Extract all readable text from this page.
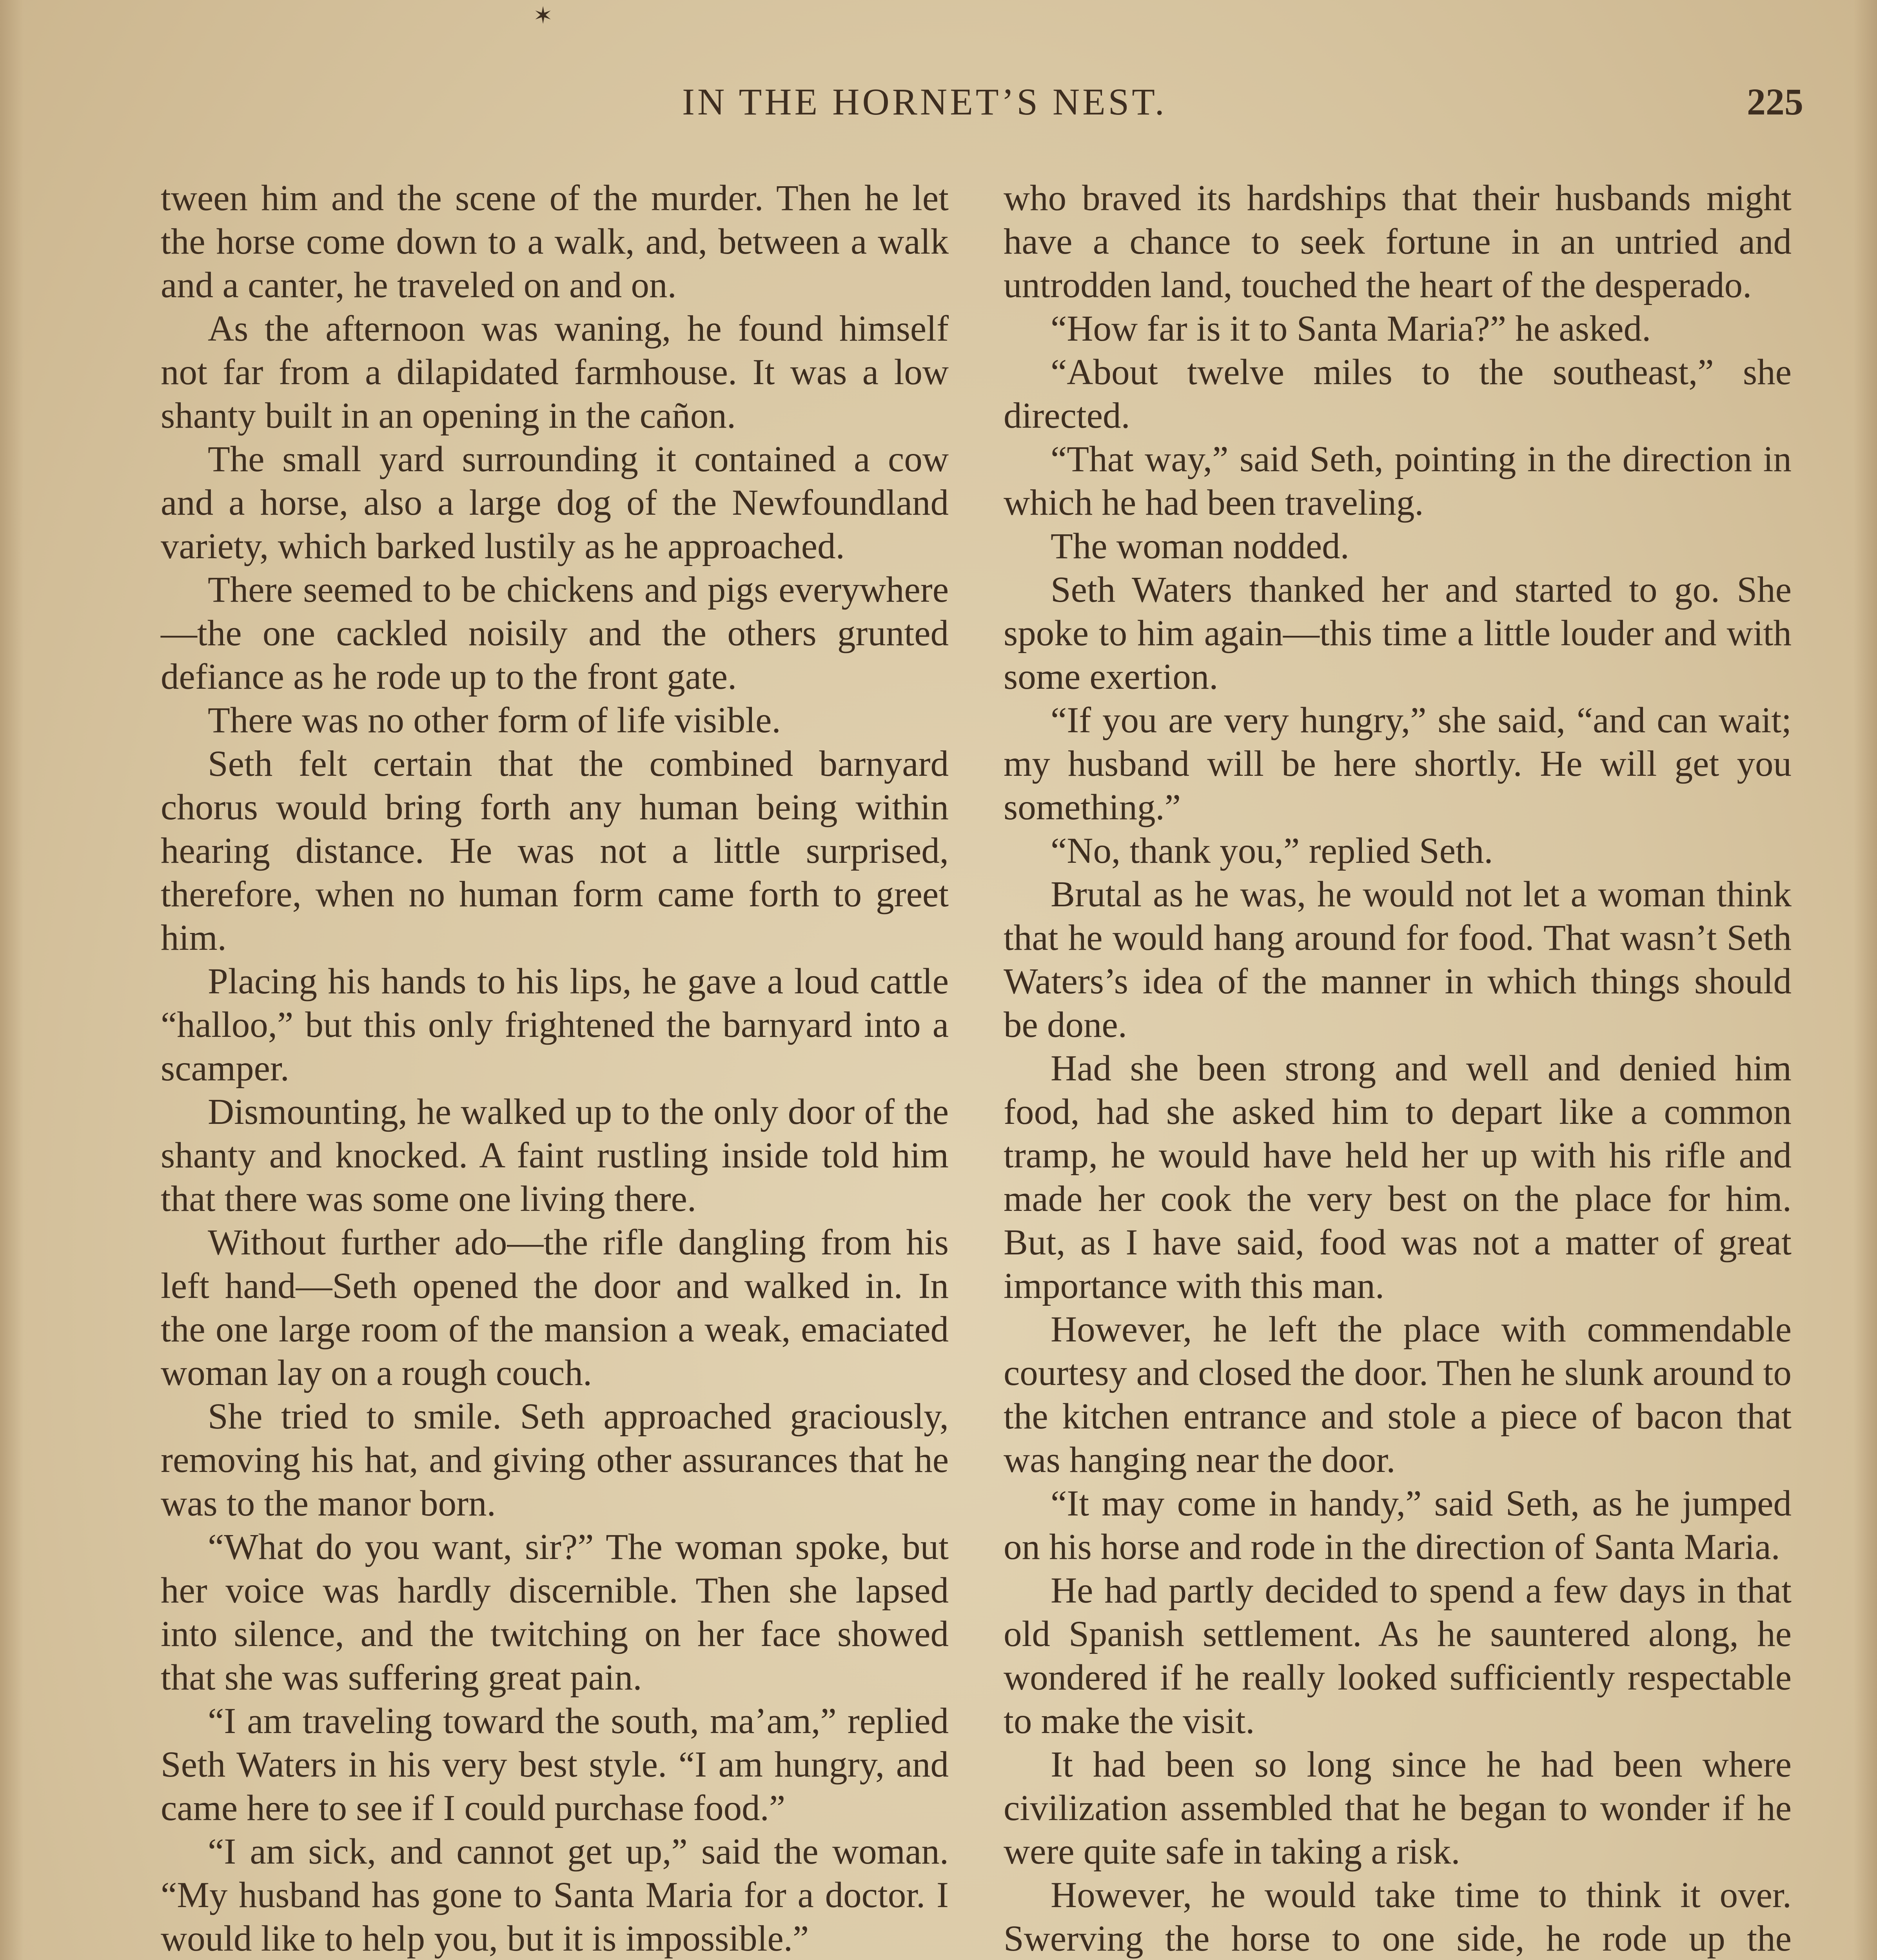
✶
IN THE HORNET’S NEST.	225

tween him and the scene of the murder. Then he let the horse come down to a walk, and, between a walk and a canter, he traveled on and on.

As the afternoon was waning, he found himself not far from a dilapidated farmhouse. It was a low shanty built in an opening in the cañon.

The small yard surrounding it contained a cow and a horse, also a large dog of the Newfoundland variety, which barked lustily as he approached.

There seemed to be chickens and pigs everywhere—the one cackled noisily and the others grunted defiance as he rode up to the front gate.

There was no other form of life visible.

Seth felt certain that the combined barnyard chorus would bring forth any human being within hearing distance. He was not a little surprised, therefore, when no human form came forth to greet him.

Placing his hands to his lips, he gave a loud cattle “halloo,” but this only frightened the barnyard into a scamper.

Dismounting, he walked up to the only door of the shanty and knocked. A faint rustling inside told him that there was some one living there.

Without further ado—the rifle dangling from his left hand—Seth opened the door and walked in. In the one large room of the mansion a weak, emaciated woman lay on a rough couch.

She tried to smile. Seth approached graciously, removing his hat, and giving other assurances that he was to the manor born.

“What do you want, sir?” The woman spoke, but her voice was hardly discernible. Then she lapsed into silence, and the twitching on her face showed that she was suffering great pain.

“I am traveling toward the south, ma’am,” replied Seth Waters in his very best style. “I am hungry, and came here to see if I could purchase food.”

“I am sick, and cannot get up,” said the woman. “My husband has gone to Santa Maria for a doctor. I would like to help you, but it is impossible.”

who braved its hardships that their husbands might have a chance to seek fortune in an untried and untrodden land, touched the heart of the desperado.

“How far is it to Santa Maria?” he asked.

“About twelve miles to the southeast,” she directed.

“That way,” said Seth, pointing in the direction in which he had been traveling.

The woman nodded.

Seth Waters thanked her and started to go. She spoke to him again—this time a little louder and with some exertion.

“If you are very hungry,” she said, “and can wait; my husband will be here shortly. He will get you something.”

“No, thank you,” replied Seth.

Brutal as he was, he would not let a woman think that he would hang around for food. That wasn’t Seth Waters’s idea of the manner in which things should be done.

Had she been strong and well and denied him food, had she asked him to depart like a common tramp, he would have held her up with his rifle and made her cook the very best on the place for him. But, as I have said, food was not a matter of great importance with this man.

However, he left the place with commendable courtesy and closed the door. Then he slunk around to the kitchen entrance and stole a piece of bacon that was hanging near the door.

“It may come in handy,” said Seth, as he jumped on his horse and rode in the direction of Santa Maria.

He had partly decided to spend a few days in that old Spanish settlement. As he sauntered along, he wondered if he really looked sufficiently respectable to make the visit.

It had been so long since he had been where civilization assembled that he began to wonder if he were quite safe in taking a risk.

However, he would take time to think it over. Swerving the horse to one side, he rode up the
